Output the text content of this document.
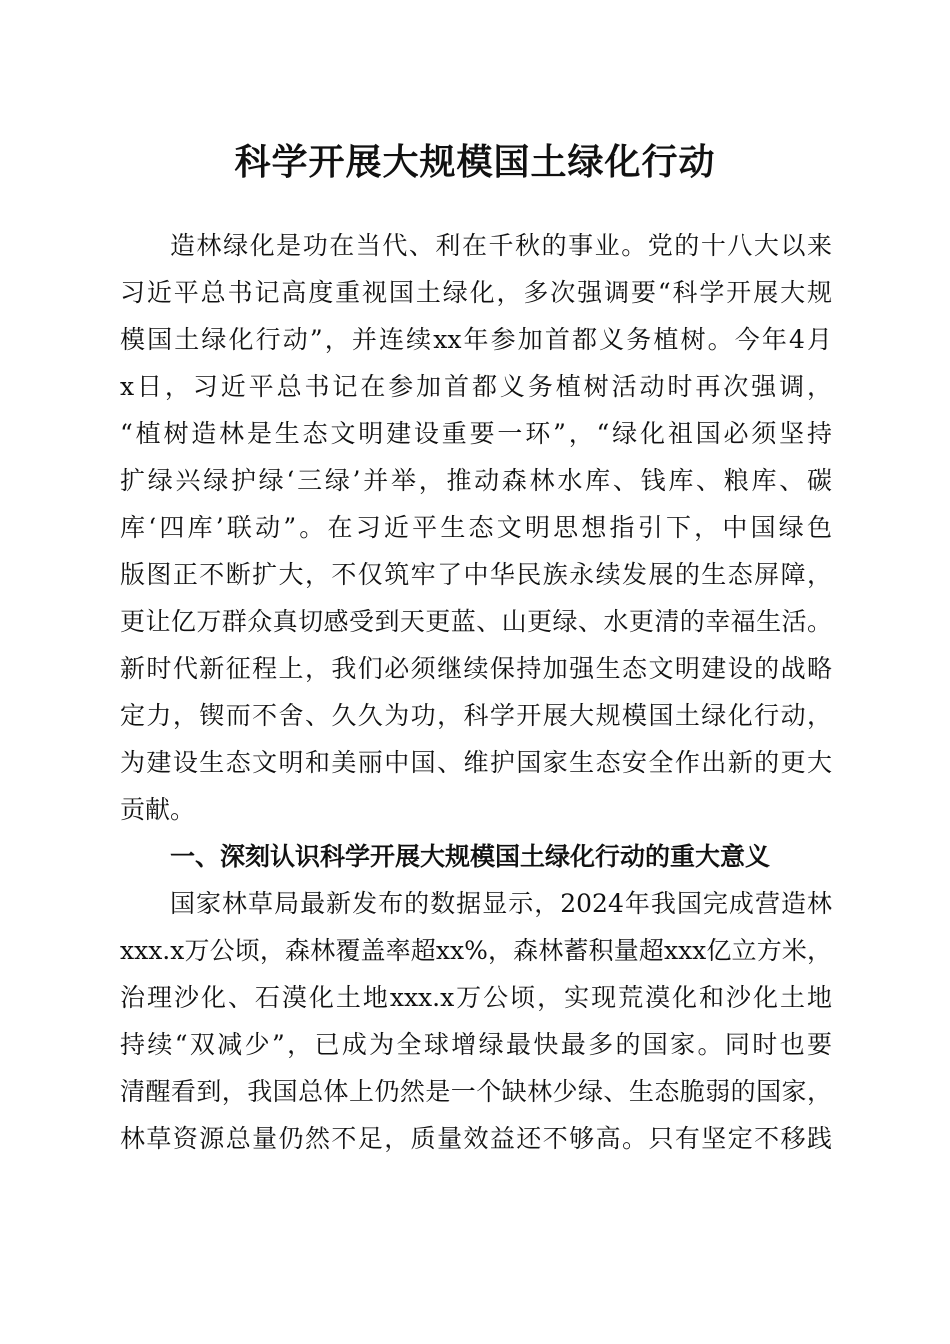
科学开展大规模国土绿化行动
造林绿化是功在当代、利在千秋的事业。党的十八大以来
习近平总书记高度重视国土绿化，多次强调要“科学开展大规
模国土绿化行动”，并连续xx年参加首都义务植树。今年4月
x日，习近平总书记在参加首都义务植树活动时再次强调，
“植树造林是生态文明建设重要一环”，“绿化祖国必须坚持
扩绿兴绿护绿‘三绿’并举，推动森林水库、钱库、粮库、碳
库‘四库’联动”。在习近平生态文明思想指引下，中国绿色
版图正不断扩大，不仅筑牢了中华民族永续发展的生态屏障，
更让亿万群众真切感受到天更蓝、山更绿、水更清的幸福生活。
新时代新征程上，我们必须继续保持加强生态文明建设的战略
定力，锲而不舍、久久为功，科学开展大规模国土绿化行动，
为建设生态文明和美丽中国、维护国家生态安全作出新的更大
贡献。
一、深刻认识科学开展大规模国土绿化行动的重大意义
国家林草局最新发布的数据显示，2024年我国完成营造林
xxx.x万公顷，森林覆盖率超xx%，森林蓄积量超xxx亿立方米，
治理沙化、石漠化土地xxx.x万公顷，实现荒漠化和沙化土地
持续“双减少”，已成为全球增绿最快最多的国家。同时也要
清醒看到，我国总体上仍然是一个缺林少绿、生态脆弱的国家，
林草资源总量仍然不足，质量效益还不够高。只有坚定不移践
